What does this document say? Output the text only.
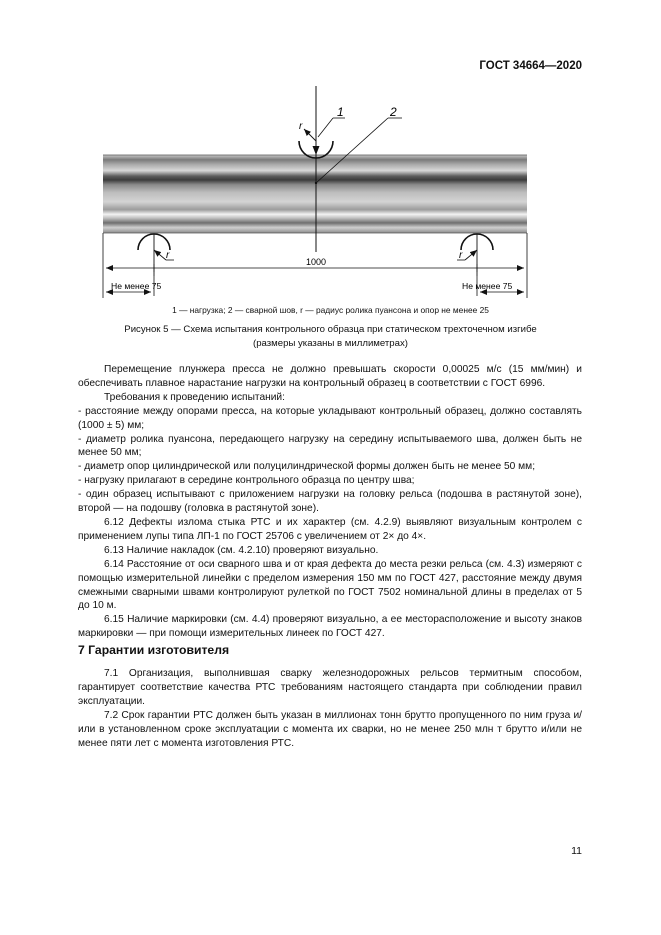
ГОСТ 34664—2020
r
1	2
r	r
1000
Не менее 75	Не менее 75
1 — нагрузка; 2 — сварной шов, r — радиус ролика пуансона и опор не менее 25
Рисунок 5 — Схема испытания контрольного образца при статическом трехточечном изгибе
(размеры указаны в миллиметрах)

Перемещение плунжера пресса не должно превышать скорости 0,00025 м/с (15 мм/мин) и обеспечивать плавное нарастание нагрузки на контрольный образец в соответствии с ГОСТ 6996.

Требования к проведению испытаний:

- расстояние между опорами пресса, на которые укладывают контрольный образец, должно составлять (1000 ± 5) мм;

- диаметр ролика пуансона, передающего нагрузку на середину испытываемого шва, должен быть не менее 50 мм;

- диаметр опор цилиндрической или полуцилиндрической формы должен быть не менее 50 мм;

- нагрузку прилагают в середине контрольного образца по центру шва;

- один образец испытывают с приложением нагрузки на головку рельса (подошва в растянутой зоне), второй — на подошву (головка в растянутой зоне).

6.12 Дефекты излома стыка РТС и их характер (см. 4.2.9) выявляют визуальным контролем с применением лупы типа ЛП-1 по ГОСТ 25706 с увеличением от 2× до 4×.

6.13 Наличие накладок (см. 4.2.10) проверяют визуально.

6.14 Расстояние от оси сварного шва и от края дефекта до места резки рельса (см. 4.3) измеряют с помощью измерительной линейки с пределом измерения 150 мм по ГОСТ 427, расстояние между двумя смежными сварными швами контролируют рулеткой по ГОСТ 7502 номинальной длины в пределах от 5 до 10 м.

6.15 Наличие маркировки (см. 4.4) проверяют визуально, а ее месторасположение и высоту знаков маркировки — при помощи измерительных линеек по ГОСТ 427.

7 Гарантии изготовителя

7.1 Организация, выполнившая сварку железнодорожных рельсов термитным способом, гарантирует соответствие качества РТС требованиям настоящего стандарта при соблюдении правил эксплуатации.

7.2 Срок гарантии РТС должен быть указан в миллионах тонн брутто пропущенного по ним груза и/или в установленном сроке эксплуатации с момента их сварки, но не менее 250 млн т брутто и/или не менее пяти лет с момента изготовления РТС.

11
